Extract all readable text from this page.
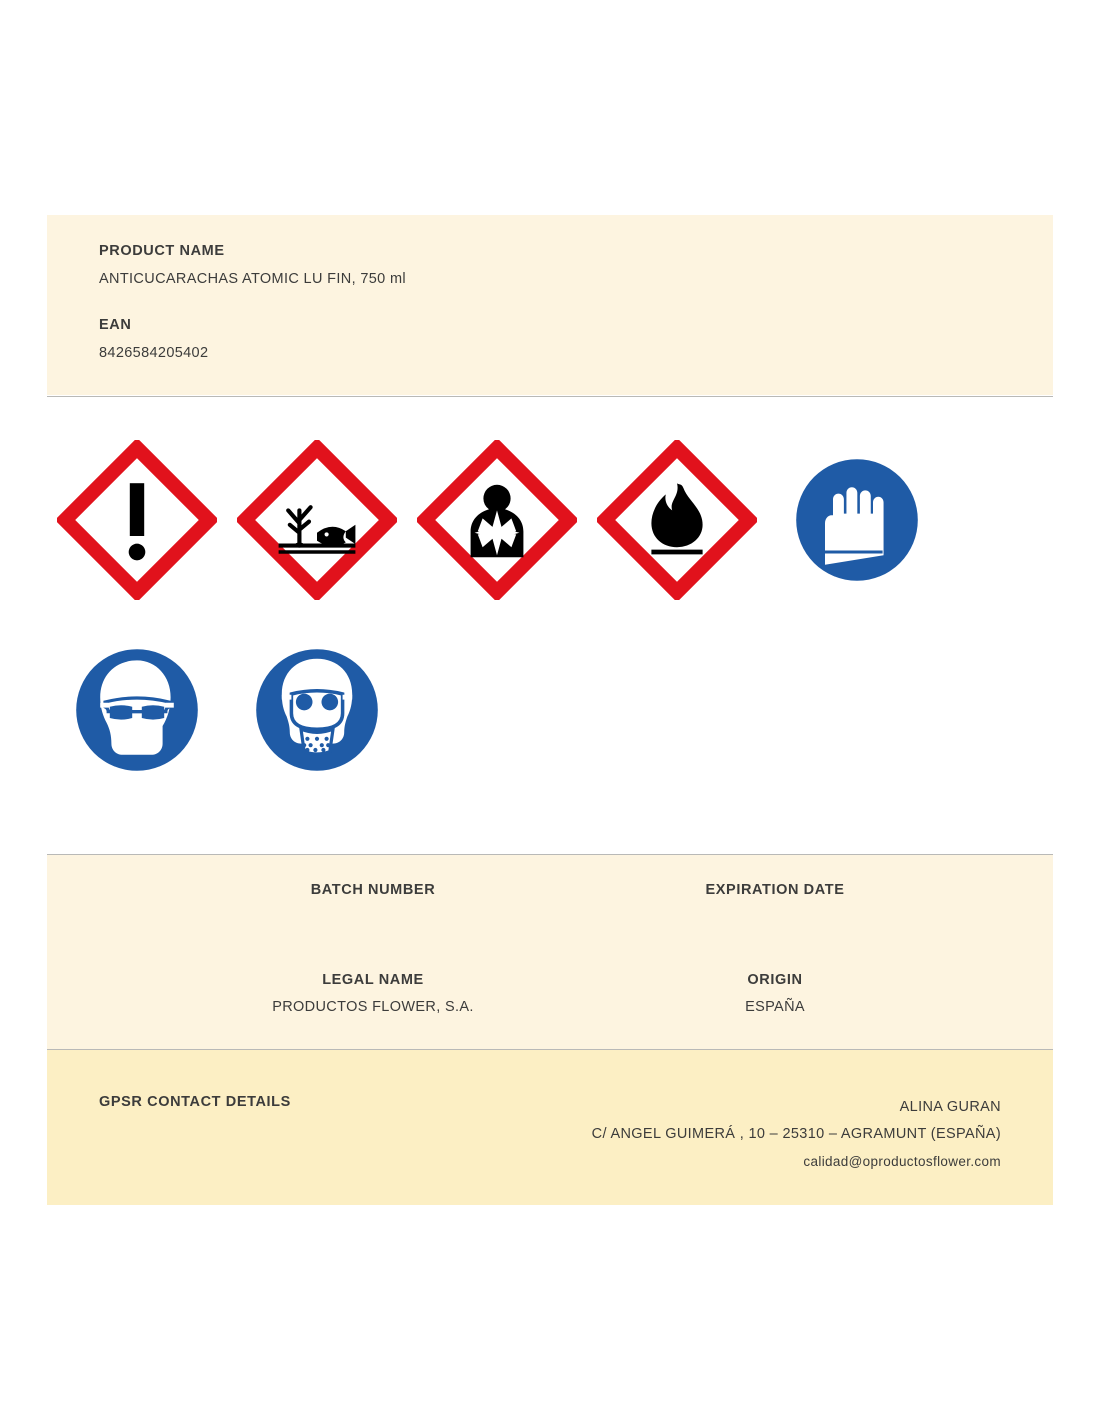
PRODUCT NAME
ANTICUCARACHAS ATOMIC LU FIN, 750 ml
EAN
8426584205402
BATCH NUMBER	EXPIRATION DATE
LEGAL NAME
PRODUCTOS FLOWER, S.A.
ORIGIN
ESPAÑA
GPSR CONTACT DETAILS	ALINA GURAN
C/ ANGEL GUIMERÁ , 10 – 25310 – AGRAMUNT (ESPAÑA)
calidad@oproductosflower.com
